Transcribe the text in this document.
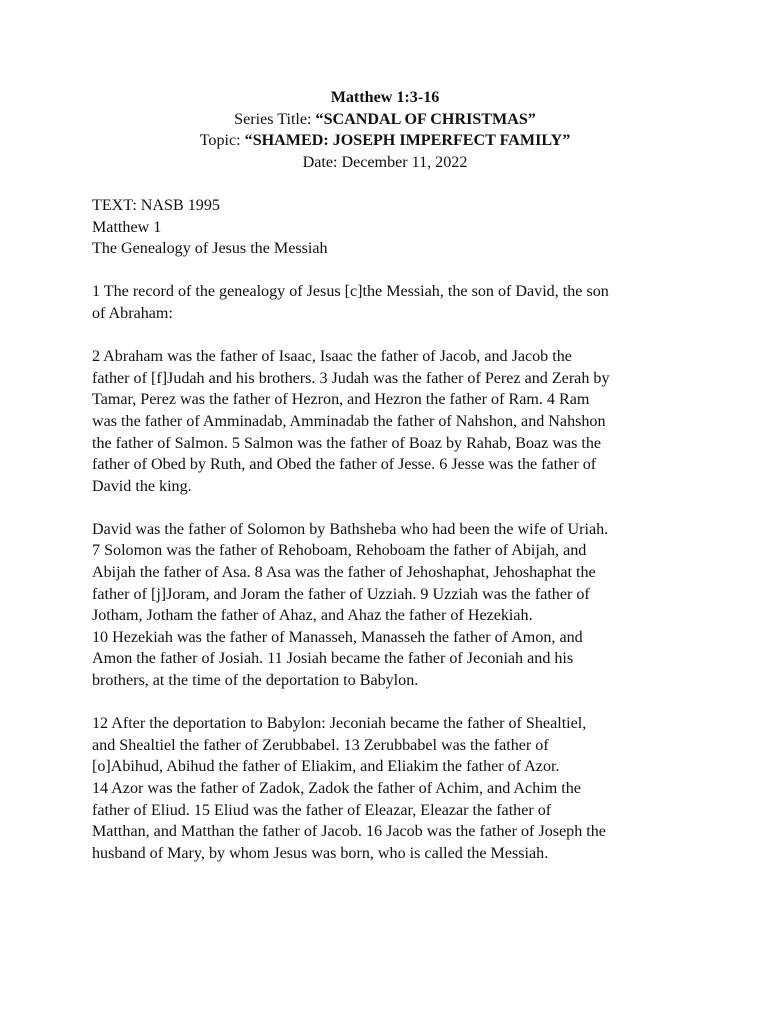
Matthew 1:3-16
Series Title: “SCANDAL OF CHRISTMAS”
Topic: “SHAMED: JOSEPH IMPERFECT FAMILY”
Date: December 11, 2022
TEXT: NASB 1995
Matthew 1
The Genealogy of Jesus the Messiah
1 The record of the genealogy of Jesus [c]the Messiah, the son of David, the son
of Abraham:
2 Abraham was the father of Isaac, Isaac the father of Jacob, and Jacob the
father of [f]Judah and his brothers. 3 Judah was the father of Perez and Zerah by
Tamar, Perez was the father of Hezron, and Hezron the father of Ram. 4 Ram
was the father of Amminadab, Amminadab the father of Nahshon, and Nahshon
the father of Salmon. 5 Salmon was the father of Boaz by Rahab, Boaz was the
father of Obed by Ruth, and Obed the father of Jesse. 6 Jesse was the father of
David the king.
David was the father of Solomon by Bathsheba who had been the wife of Uriah.
7 Solomon was the father of Rehoboam, Rehoboam the father of Abijah, and
Abijah the father of Asa. 8 Asa was the father of Jehoshaphat, Jehoshaphat the
father of [j]Joram, and Joram the father of Uzziah. 9 Uzziah was the father of
Jotham, Jotham the father of Ahaz, and Ahaz the father of Hezekiah.
10 Hezekiah was the father of Manasseh, Manasseh the father of Amon, and
Amon the father of Josiah. 11 Josiah became the father of Jeconiah and his
brothers, at the time of the deportation to Babylon.
12 After the deportation to Babylon: Jeconiah became the father of Shealtiel,
and Shealtiel the father of Zerubbabel. 13 Zerubbabel was the father of
[o]Abihud, Abihud the father of Eliakim, and Eliakim the father of Azor.
14 Azor was the father of Zadok, Zadok the father of Achim, and Achim the
father of Eliud. 15 Eliud was the father of Eleazar, Eleazar the father of
Matthan, and Matthan the father of Jacob. 16 Jacob was the father of Joseph the
husband of Mary, by whom Jesus was born, who is called the Messiah.
